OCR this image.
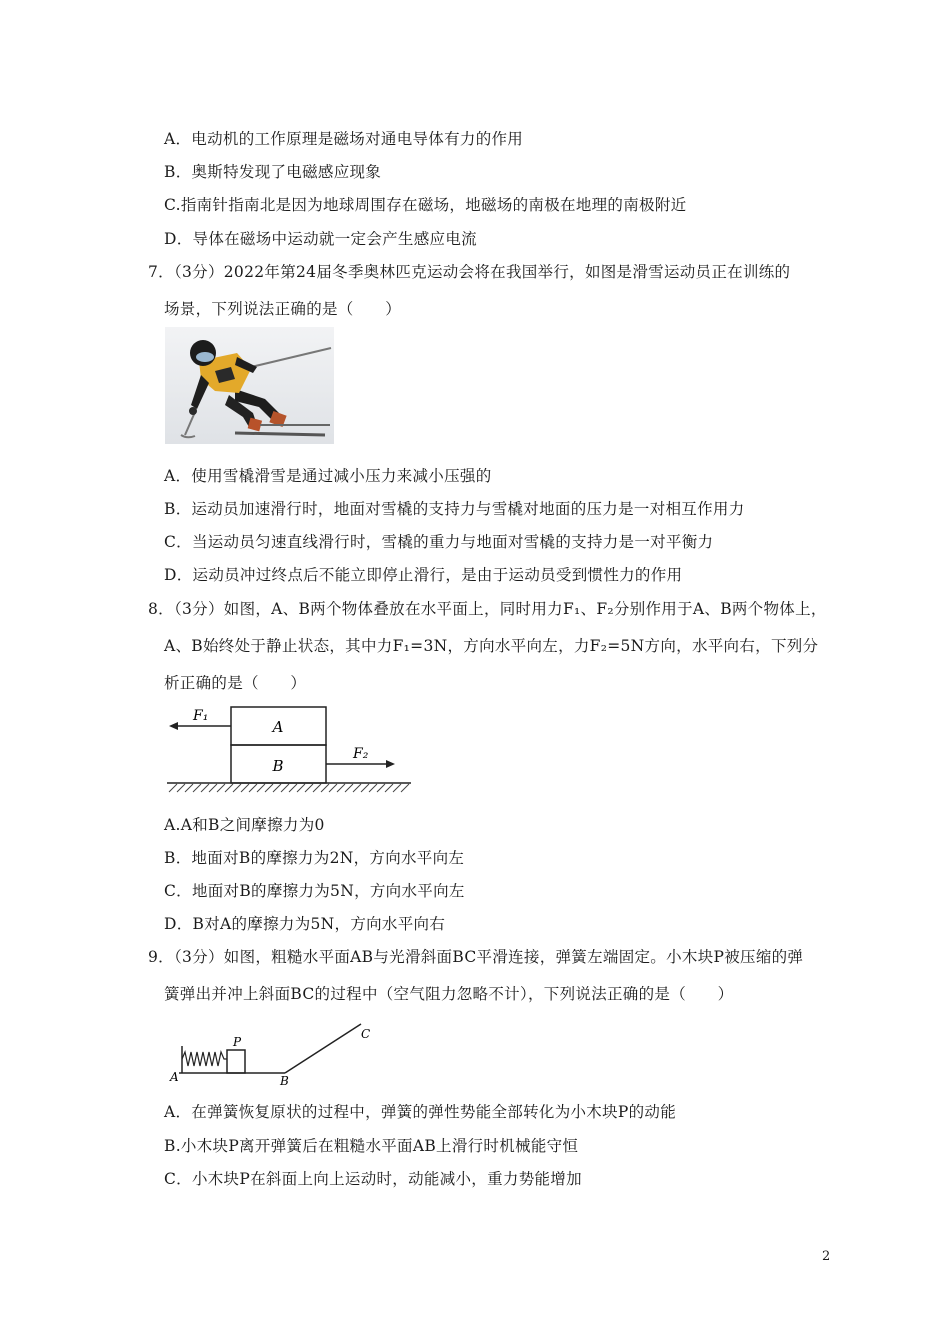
A．电动机的工作原理是磁场对通电导体有力的作用
B．奥斯特发现了电磁感应现象
C.指南针指南北是因为地球周围存在磁场，地磁场的南极在地理的南极附近
D．导体在磁场中运动就一定会产生感应电流
7．（3分）2022年第24届冬季奥林匹克运动会将在我国举行，如图是滑雪运动员正在训练的
场景，下列说法正确的是（　　）
A．使用雪橇滑雪是通过减小压力来减小压强的
B．运动员加速滑行时，地面对雪橇的支持力与雪橇对地面的压力是一对相互作用力
C．当运动员匀速直线滑行时，雪橇的重力与地面对雪橇的支持力是一对平衡力
D．运动员冲过终点后不能立即停止滑行，是由于运动员受到惯性力的作用
8．（3分）如图，A、B两个物体叠放在水平面上，同时用力F₁、F₂分别作用于A、B两个物体上，
A、B始终处于静止状态，其中力F₁=3N，方向水平向左，力F₂=5N方向，水平向右，下列分
析正确的是（　　）
A
B
F₁
F₂
A.A和B之间摩擦力为0
B．地面对B的摩擦力为2N，方向水平向左
C．地面对B的摩擦力为5N，方向水平向左
D．B对A的摩擦力为5N，方向水平向右
9．（3分）如图，粗糙水平面AB与光滑斜面BC平滑连接，弹簧左端固定。小木块P被压缩的弹
簧弹出并冲上斜面BC的过程中（空气阻力忽略不计），下列说法正确的是（　　）
P
A	B
C
A．在弹簧恢复原状的过程中，弹簧的弹性势能全部转化为小木块P的动能
B.小木块P离开弹簧后在粗糙水平面AB上滑行时机械能守恒
C．小木块P在斜面上向上运动时，动能减小，重力势能增加
2
